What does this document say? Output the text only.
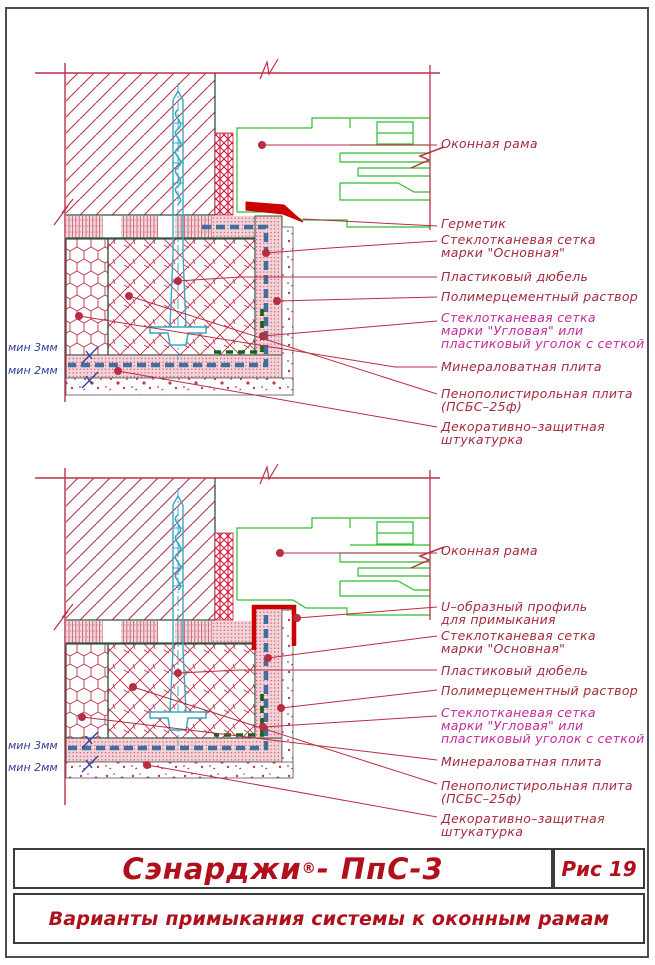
Оконная рама
Герметик
Стеклотканевая сетка
марки "Основная"
Пластиковый дюбель
Полимерцементный раствор
Стеклотканевая сетка
марки "Угловая" или
пластиковый уголок с сеткой
Минераловатная плита
Пенополистирольная плита
(ПСБС–25ф)
Декоративно–защитная
штукатурка
мин 3мм
мин 2мм
Оконная рама
U–образный профиль
для примыкания
Стеклотканевая сетка
марки "Основная"
Пластиковый дюбель
Полимерцементный раствор
Стеклотканевая сетка
марки "Угловая" или
пластиковый уголок с сеткой
Минераловатная плита
Пенополистирольная плита
(ПСБС–25ф)
Декоративно–защитная
штукатурка
мин 3мм
мин 2мм
Сэнарджи ® - ПпС-3	Рис 19
Варианты примыкания системы к оконным рамам
